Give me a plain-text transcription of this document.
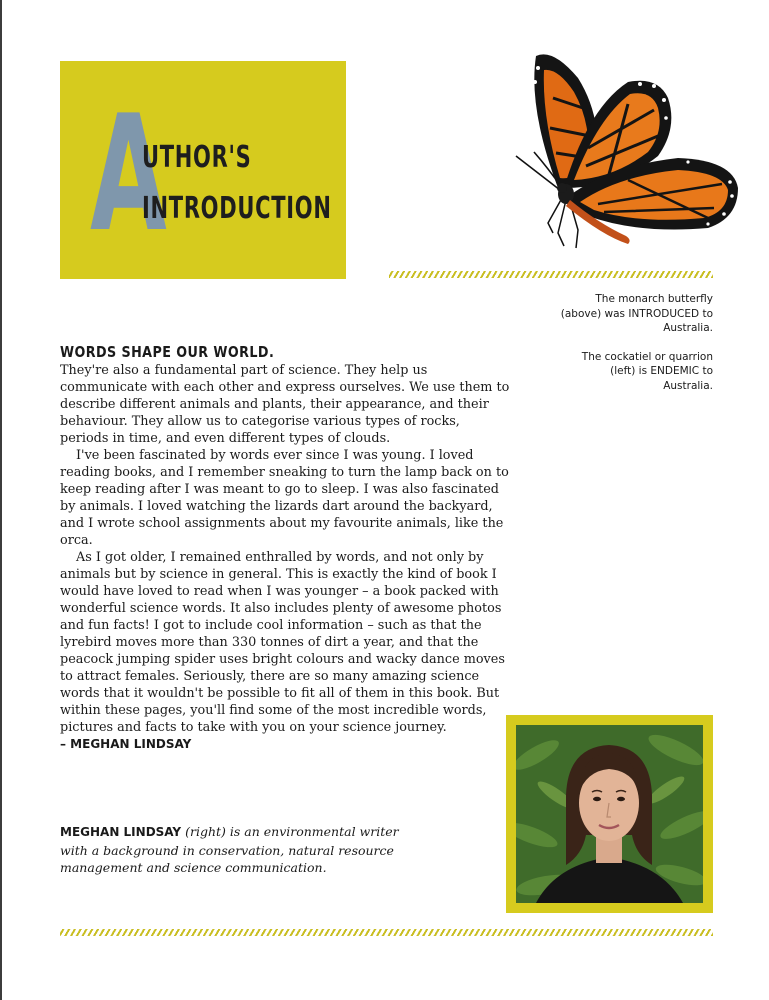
A
UTHOR'S
INTRODUCTION

The monarch butterfly (above) was INTRODUCED to Australia.

The cockatiel or quarrion (left) is ENDEMIC to Australia.

WORDS SHAPE OUR WORLD.

They're also a fundamental part of science. They help us communicate with each other and express ourselves. We use them to describe different animals and plants, their appearance, and their behaviour. They allow us to categorise various types of rocks, periods in time, and even different types of clouds.

I've been fascinated by words ever since I was young. I loved reading books, and I remember sneaking to turn the lamp back on to keep reading after I was meant to go to sleep. I was also fascinated by animals. I loved watching the lizards dart around the backyard, and I wrote school assignments about my favourite animals, like the orca.

As I got older, I remained enthralled by words, and not only by animals but by science in general. This is exactly the kind of book I would have loved to read when I was younger – a book packed with wonderful science words. It also includes plenty of awesome photos and fun facts! I got to include cool information – such as that the lyrebird moves more than 330 tonnes of dirt a year, and that the peacock jumping spider uses bright colours and wacky dance moves to attract females. Seriously, there are so many amazing science words that it wouldn't be possible to fit all of them in this book. But within these pages, you'll find some of the most incredible words, pictures and facts to take with you on your science journey.

– MEGHAN LINDSAY

MEGHAN LINDSAY (right) is an environmental writer with a background in conservation, natural resource management and science communication.
